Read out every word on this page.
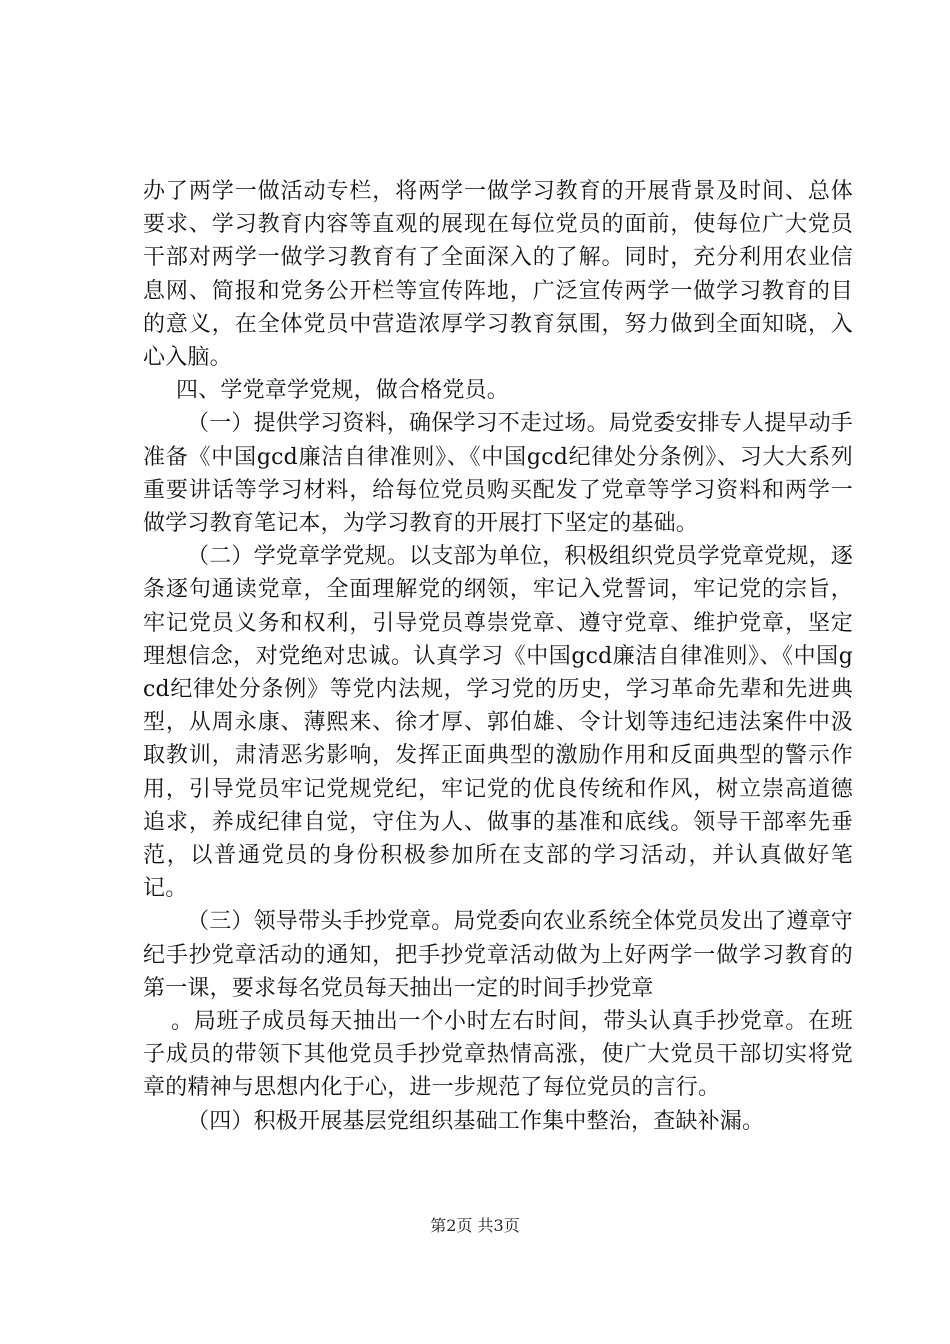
办了两学一做活动专栏，将两学一做学习教育的开展背景及时间、总体要求、学习教育内容等直观的展现在每位党员的面前，使每位广大党员干部对两学一做学习教育有了全面深入的了解。同时，充分利用农业信息网、简报和党务公开栏等宣传阵地，广泛宣传两学一做学习教育的目的意义，在全体党员中营造浓厚学习教育氛围，努力做到全面知晓，入心入脑。

四、学党章学党规，做合格党员。

（一）提供学习资料，确保学习不走过场。局党委安排专人提早动手准备《中国gcd廉洁自律准则》、《中国gcd纪律处分条例》、习大大系列重要讲话等学习材料，给每位党员购买配发了党章等学习资料和两学一做学习教育笔记本，为学习教育的开展打下坚定的基础。

（二）学党章学党规。以支部为单位，积极组织党员学党章党规，逐条逐句通读党章，全面理解党的纲领，牢记入党誓词，牢记党的宗旨，牢记党员义务和权利，引导党员尊崇党章、遵守党章、维护党章，坚定理想信念，对党绝对忠诚。认真学习《中国gcd廉洁自律准则》、《中国gcd纪律处分条例》等党内法规，学习党的历史，学习革命先辈和先进典型，从周永康、薄熙来、徐才厚、郭伯雄、令计划等违纪违法案件中汲取教训，肃清恶劣影响，发挥正面典型的激励作用和反面典型的警示作用，引导党员牢记党规党纪，牢记党的优良传统和作风，树立崇高道德追求，养成纪律自觉，守住为人、做事的基准和底线。领导干部率先垂范，以普通党员的身份积极参加所在支部的学习活动，并认真做好笔记。

（三）领导带头手抄党章。局党委向农业系统全体党员发出了遵章守纪手抄党章活动的通知，把手抄党章活动做为上好两学一做学习教育的第一课，要求每名党员每天抽出一定的时间手抄党章

。局班子成员每天抽出一个小时左右时间，带头认真手抄党章。在班子成员的带领下其他党员手抄党章热情高涨，使广大党员干部切实将党章的精神与思想内化于心，进一步规范了每位党员的言行。

（四）积极开展基层党组织基础工作集中整治，查缺补漏。

第2页 共3页
